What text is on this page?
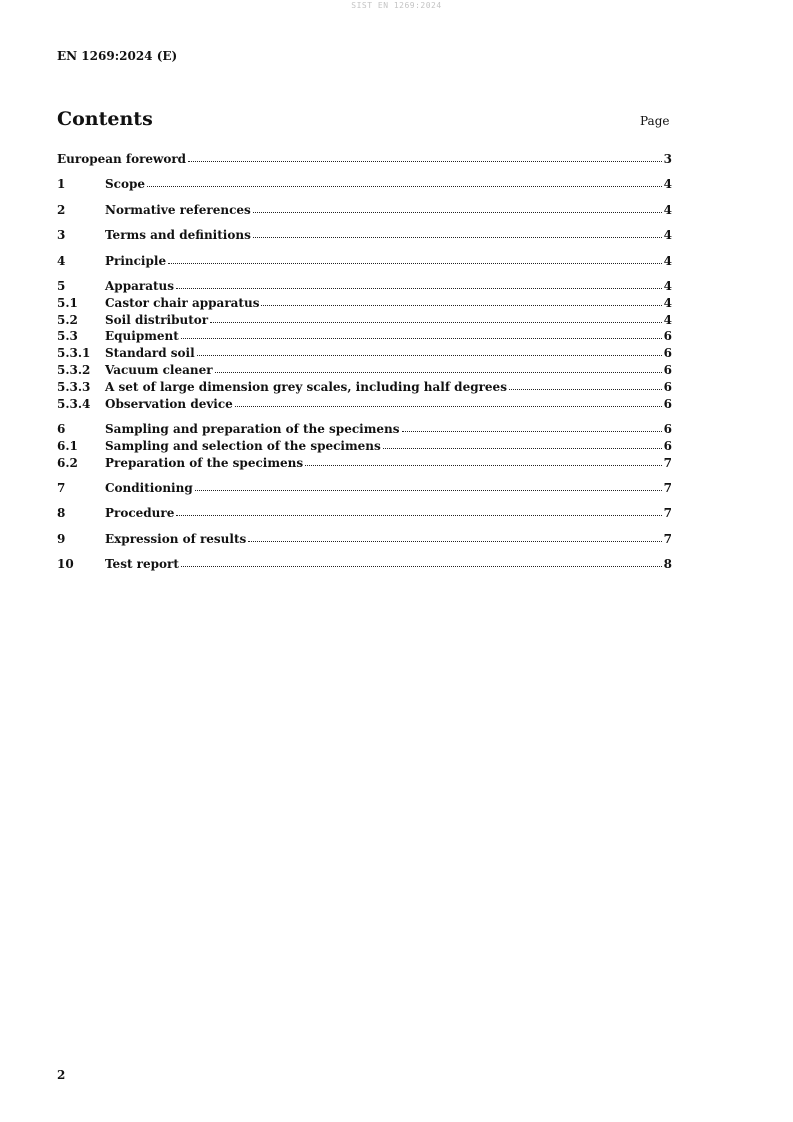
SIST EN 1269:2024
EN 1269:2024 (E)
Contents	Page
European foreword	3
1	Scope	4
2	Normative references	4
3	Terms and definitions	4
4	Principle	4
5	Apparatus	4
5.1	Castor chair apparatus	4
5.2	Soil distributor	4
5.3	Equipment	6
5.3.1	Standard soil	6
5.3.2	Vacuum cleaner	6
5.3.3	A set of large dimension grey scales, including half degrees	6
5.3.4	Observation device	6
6	Sampling and preparation of the specimens	6
6.1	Sampling and selection of the specimens	6
6.2	Preparation of the specimens	7
7	Conditioning	7
8	Procedure	7
9	Expression of results	7
10	Test report	8
2
